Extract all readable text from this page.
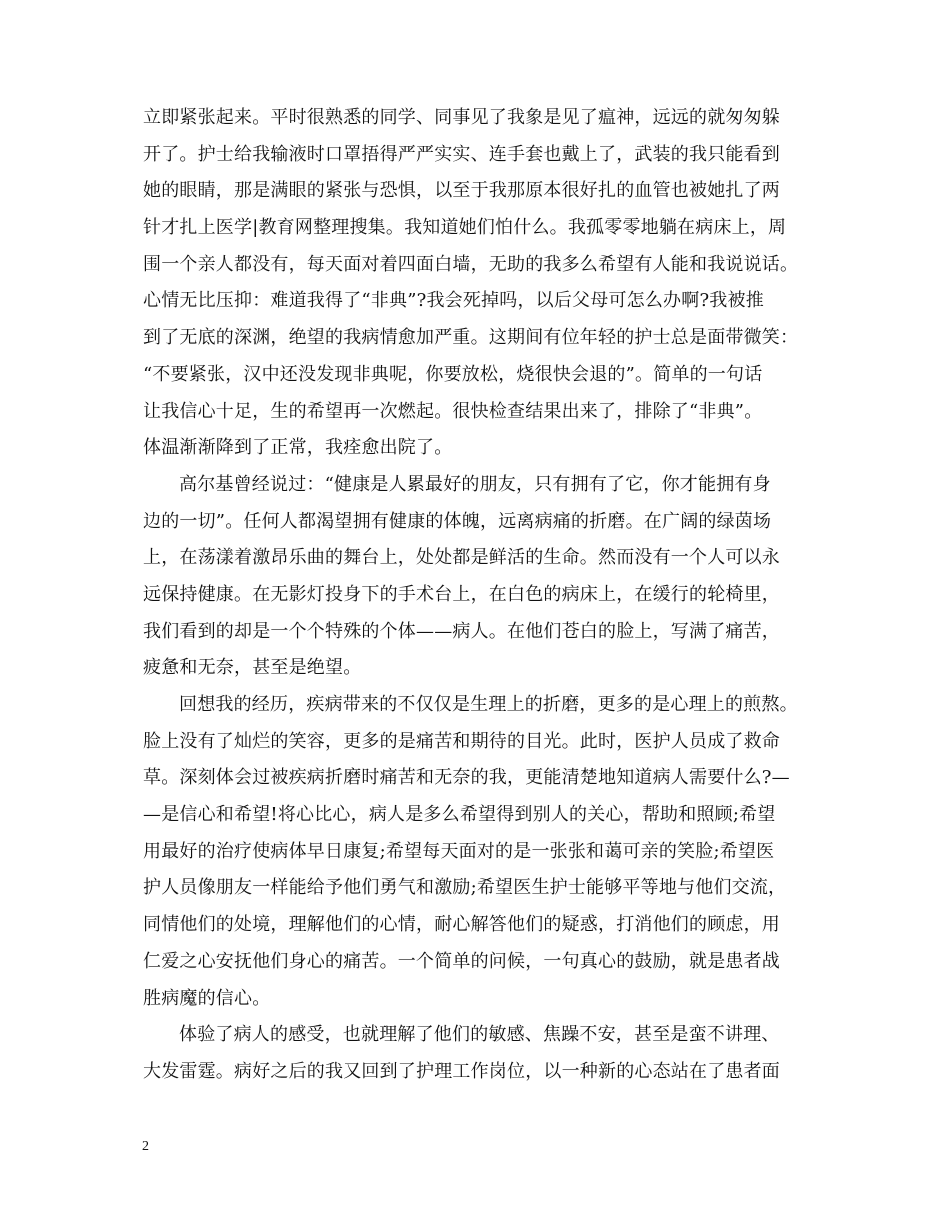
立即紧张起来。平时很熟悉的同学、同事见了我象是见了瘟神，远远的就匆匆躲
开了。护士给我输液时口罩捂得严严实实、连手套也戴上了，武装的我只能看到
她的眼睛，那是满眼的紧张与恐惧，以至于我那原本很好扎的血管也被她扎了两
针才扎上医学|教育网整理搜集。我知道她们怕什么。我孤零零地躺在病床上，周
围一个亲人都没有，每天面对着四面白墙，无助的我多么希望有人能和我说说话。
心情无比压抑：难道我得了“非典”?我会死掉吗，以后父母可怎么办啊?我被推
到了无底的深渊，绝望的我病情愈加严重。这期间有位年轻的护士总是面带微笑：
“不要紧张，汉中还没发现非典呢，你要放松，烧很快会退的”。简单的一句话
让我信心十足，生的希望再一次燃起。很快检查结果出来了，排除了“非典”。
体温渐渐降到了正常，我痊愈出院了。
高尔基曾经说过：“健康是人累最好的朋友，只有拥有了它，你才能拥有身
边的一切”。任何人都渴望拥有健康的体魄，远离病痛的折磨。在广阔的绿茵场
上，在荡漾着激昂乐曲的舞台上，处处都是鲜活的生命。然而没有一个人可以永
远保持健康。在无影灯投身下的手术台上，在白色的病床上，在缓行的轮椅里，
我们看到的却是一个个特殊的个体——病人。在他们苍白的脸上，写满了痛苦，
疲惫和无奈，甚至是绝望。
回想我的经历，疾病带来的不仅仅是生理上的折磨，更多的是心理上的煎熬。
脸上没有了灿烂的笑容，更多的是痛苦和期待的目光。此时，医护人员成了救命
草。深刻体会过被疾病折磨时痛苦和无奈的我，更能清楚地知道病人需要什么?—
—是信心和希望!将心比心，病人是多么希望得到别人的关心，帮助和照顾;希望
用最好的治疗使病体早日康复;希望每天面对的是一张张和蔼可亲的笑脸;希望医
护人员像朋友一样能给予他们勇气和激励;希望医生护士能够平等地与他们交流，
同情他们的处境，理解他们的心情，耐心解答他们的疑惑，打消他们的顾虑，用
仁爱之心安抚他们身心的痛苦。一个简单的问候，一句真心的鼓励，就是患者战
胜病魔的信心。
体验了病人的感受，也就理解了他们的敏感、焦躁不安，甚至是蛮不讲理、
大发雷霆。病好之后的我又回到了护理工作岗位，以一种新的心态站在了患者面
2
